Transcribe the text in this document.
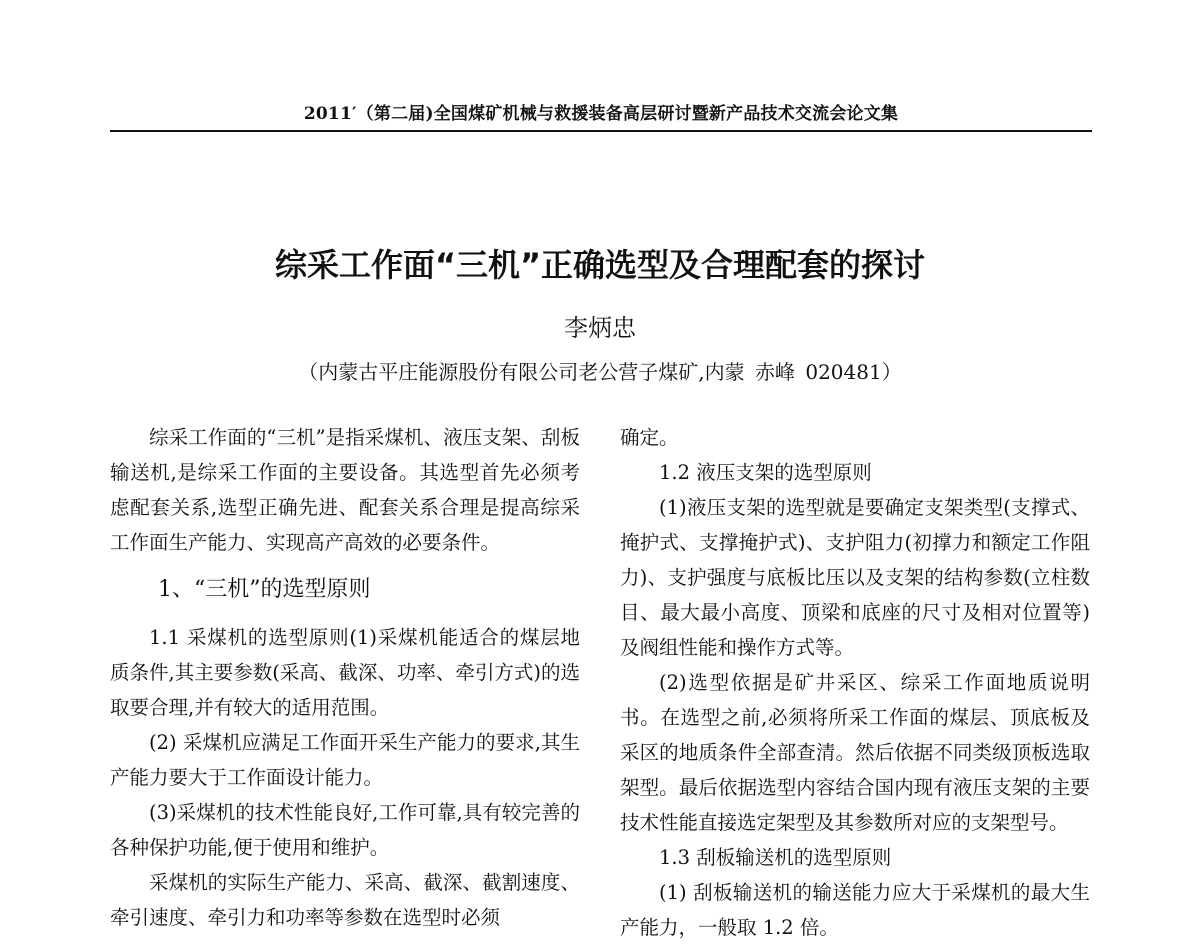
2011′（第二届)全国煤矿机械与救援装备高层研讨暨新产品技术交流会论文集
综采工作面“三机”正确选型及合理配套的探讨
李炳忠
（内蒙古平庄能源股份有限公司老公营子煤矿,内蒙 赤峰 020481）

综采工作面的“三机”是指采煤机、液压支架、刮板输送机,是综采工作面的主要设备。其选型首先必须考虑配套关系,选型正确先进、配套关系合理是提高综采工作面生产能力、实现高产高效的必要条件。

1、“三机”的选型原则

1.1 采煤机的选型原则(1)采煤机能适合的煤层地质条件,其主要参数(采高、截深、功率、牵引方式)的选取要合理,并有较大的适用范围。

(2) 采煤机应满足工作面开采生产能力的要求,其生产能力要大于工作面设计能力。

(3)采煤机的技术性能良好,工作可靠,具有较完善的各种保护功能,便于使用和维护。

采煤机的实际生产能力、采高、截深、截割速度、牵引速度、牵引力和功率等参数在选型时必须

确定。

1.2 液压支架的选型原则

(1)液压支架的选型就是要确定支架类型(支撑式、掩护式、支撑掩护式)、支护阻力(初撑力和额定工作阻力)、支护强度与底板比压以及支架的结构参数(立柱数目、最大最小高度、顶梁和底座的尺寸及相对位置等)及阀组性能和操作方式等。

(2)选型依据是矿井采区、综采工作面地质说明书。在选型之前,必须将所采工作面的煤层、顶底板及采区的地质条件全部查清。然后依据不同类级顶板选取架型。最后依据选型内容结合国内现有液压支架的主要技术性能直接选定架型及其参数所对应的支架型号。

1.3 刮板输送机的选型原则

(1) 刮板输送机的输送能力应大于采煤机的最大生产能力，一般取 1.2 倍。
